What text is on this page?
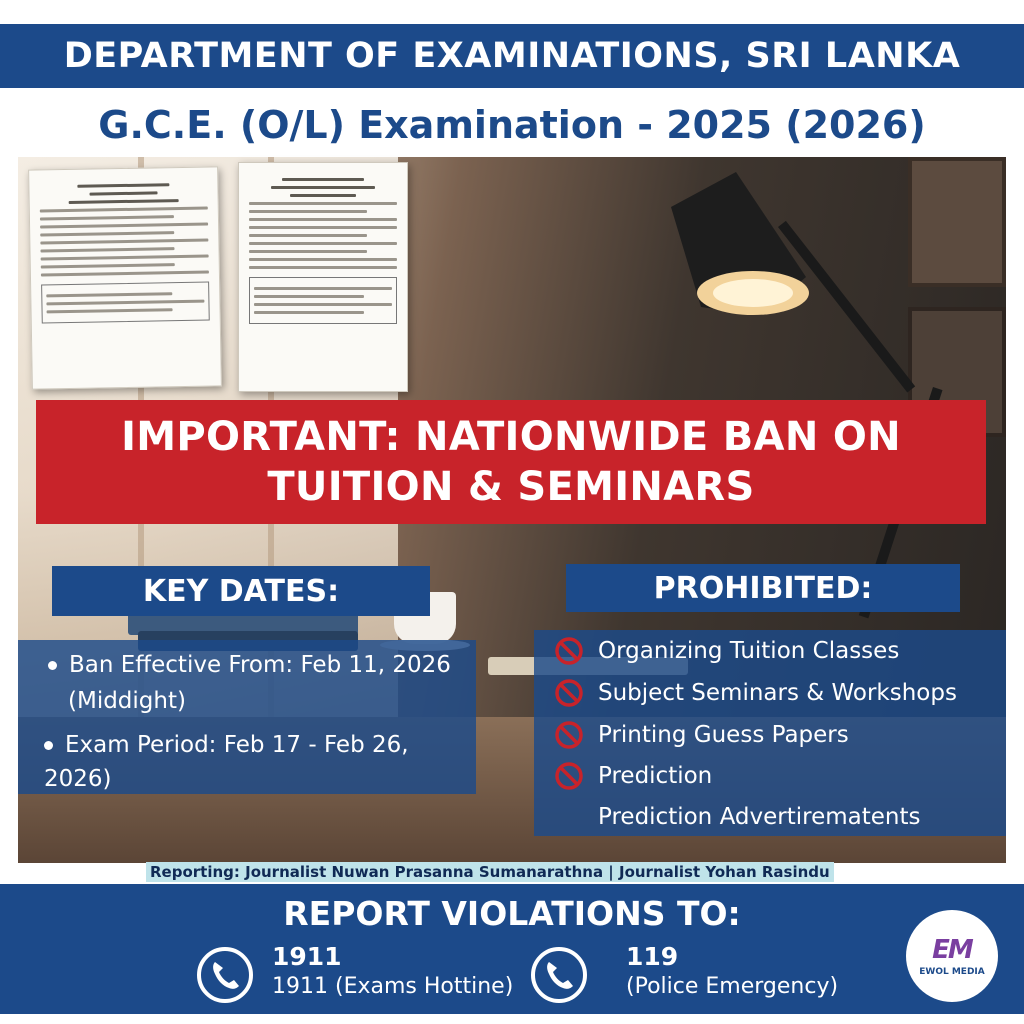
DEPARTMENT OF EXAMINATIONS, SRI LANKA
G.C.E. (O/L) Examination - 2025 (2026)
IMPORTANT: NATIONWIDE BAN ON
TUITION & SEMINARS
KEY DATES:	PROHIBITED:
Ban Effective From: Feb 11, 2026
(Middight)
Exam Period: Feb 17 - Feb 26, 2026)
Organizing Tuition Classes
Subject Seminars & Workshops
Printing Guess Papers
Prediction
Prediction Advertirematents
Reporting: Journalist Nuwan Prasanna Sumanarathna | Journalist Yohan Rasindu
REPORT VIOLATIONS TO:
1911
1911 (Exams Hottine)
119
(Police Emergency)
EM
EWOL MEDIA
